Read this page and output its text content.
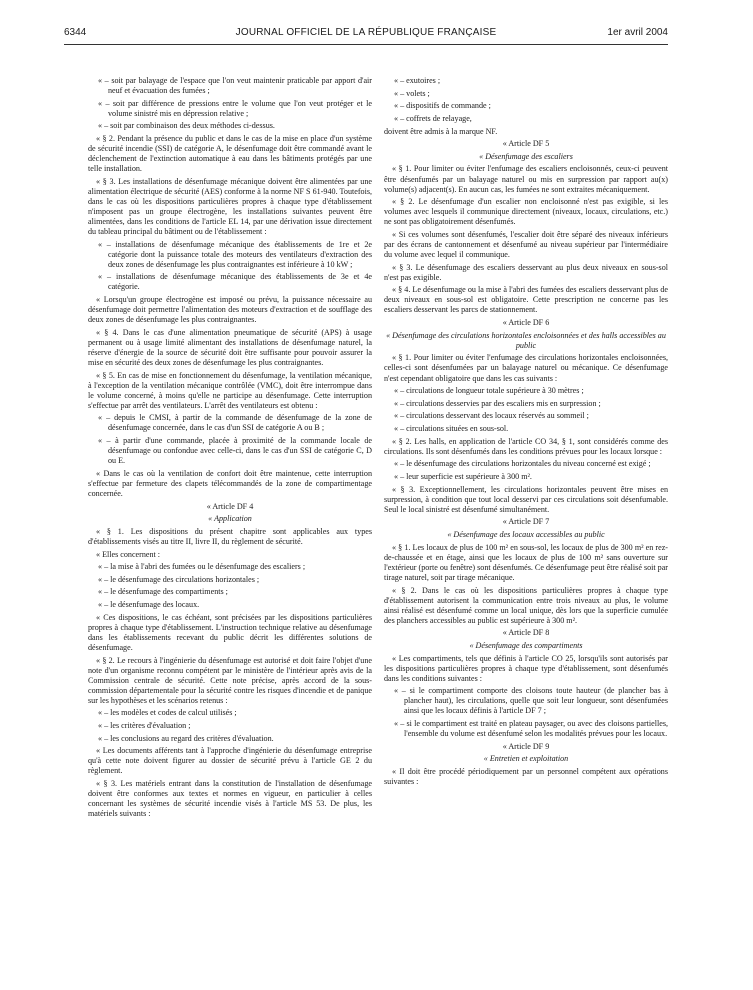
6344	JOURNAL OFFICIEL DE LA RÉPUBLIQUE FRANÇAISE	1er avril 2004

« – soit par balayage de l'espace que l'on veut maintenir praticable par apport d'air neuf et évacuation des fumées ;

« – soit par différence de pressions entre le volume que l'on veut protéger et le volume sinistré mis en dépression relative ;

« – soit par combinaison des deux méthodes ci-dessus.

« § 2. Pendant la présence du public et dans le cas de la mise en place d'un système de sécurité incendie (SSI) de catégorie A, le désenfumage doit être commandé avant le déclenchement de l'extinction automatique à eau dans les bâtiments protégés par une telle installation.

« § 3. Les installations de désenfumage mécanique doivent être alimentées par une alimentation électrique de sécurité (AES) conforme à la norme NF S 61-940. Toutefois, dans le cas où les dispositions particulières propres à chaque type d'établissement n'imposent pas un groupe électrogène, les installations suivantes peuvent être alimentées, dans les conditions de l'article EL 14, par une dérivation issue directement du tableau principal du bâtiment ou de l'établissement :

« – installations de désenfumage mécanique des établissements de 1re et 2e catégorie dont la puissance totale des moteurs des ventilateurs d'extraction des deux zones de désenfumage les plus contraignantes est inférieure à 10 kW ;

« – installations de désenfumage mécanique des établissements de 3e et 4e catégorie.

« Lorsqu'un groupe électrogène est imposé ou prévu, la puissance nécessaire au désenfumage doit permettre l'alimentation des moteurs d'extraction et de soufflage des deux zones de désenfumage les plus contraignantes.

« § 4. Dans le cas d'une alimentation pneumatique de sécurité (APS) à usage permanent ou à usage limité alimentant des installations de désenfumage naturel, la réserve d'énergie de la source de sécurité doit être suffisante pour pouvoir assurer la mise en sécurité des deux zones de désenfumage les plus contraignantes.

« § 5. En cas de mise en fonctionnement du désenfumage, la ventilation mécanique, à l'exception de la ventilation mécanique contrôlée (VMC), doit être interrompue dans le volume concerné, à moins qu'elle ne participe au désenfumage. Cette interruption s'effectue par arrêt des ventilateurs. L'arrêt des ventilateurs est obtenu :

« – depuis le CMSI, à partir de la commande de désenfumage de la zone de désenfumage concernée, dans le cas d'un SSI de catégorie A ou B ;

« – à partir d'une commande, placée à proximité de la commande locale de désenfumage ou confondue avec celle-ci, dans le cas d'un SSI de catégorie C, D ou E.

« Dans le cas où la ventilation de confort doit être maintenue, cette interruption s'effectue par fermeture des clapets télécommandés de la zone de compartimentage concernée.

« Article DF 4

« Application

« § 1. Les dispositions du présent chapitre sont applicables aux types d'établissements visés au titre II, livre II, du règlement de sécurité.

« Elles concernent :

« – la mise à l'abri des fumées ou le désenfumage des escaliers ;

« – le désenfumage des circulations horizontales ;

« – le désenfumage des compartiments ;

« – le désenfumage des locaux.

« Ces dispositions, le cas échéant, sont précisées par les dispositions particulières propres à chaque type d'établissement. L'instruction technique relative au désenfumage dans les établissements recevant du public décrit les différentes solutions de désenfumage.

« § 2. Le recours à l'ingénierie du désenfumage est autorisé et doit faire l'objet d'une note d'un organisme reconnu compétent par le ministère de l'intérieur après avis de la Commission centrale de sécurité. Cette note précise, après accord de la sous-commission départementale pour la sécurité contre les risques d'incendie et de panique sur les hypothèses et les scénarios retenus :

« – les modèles et codes de calcul utilisés ;

« – les critères d'évaluation ;

« – les conclusions au regard des critères d'évaluation.

« Les documents afférents tant à l'approche d'ingénierie du désenfumage entreprise qu'à cette note doivent figurer au dossier de sécurité prévu à l'article GE 2 du règlement.

« § 3. Les matériels entrant dans la constitution de l'installation de désenfumage doivent être conformes aux textes et normes en vigueur, en particulier à celles concernant les systèmes de sécurité incendie visés à l'article MS 53. De plus, les matériels suivants :

« – exutoires ;

« – volets ;

« – dispositifs de commande ;

« – coffrets de relayage,

doivent être admis à la marque NF.

« Article DF 5

« Désenfumage des escaliers

« § 1. Pour limiter ou éviter l'enfumage des escaliers encloisonnés, ceux-ci peuvent être désenfumés par un balayage naturel ou mis en surpression par rapport au(x) volume(s) adjacent(s). En aucun cas, les fumées ne sont extraites mécaniquement.

« § 2. Le désenfumage d'un escalier non encloisonné n'est pas exigible, si les volumes avec lesquels il communique directement (niveaux, locaux, circulations, etc.) ne sont pas obligatoirement désenfumés.

« Si ces volumes sont désenfumés, l'escalier doit être séparé des niveaux inférieurs par des écrans de cantonnement et désenfumé au niveau supérieur par l'intermédiaire du volume avec lequel il communique.

« § 3. Le désenfumage des escaliers desservant au plus deux niveaux en sous-sol n'est pas exigible.

« § 4. Le désenfumage ou la mise à l'abri des fumées des escaliers desservant plus de deux niveaux en sous-sol est obligatoire. Cette prescription ne concerne pas les escaliers desservant les parcs de stationnement.

« Article DF 6

« Désenfumage des circulations horizontales encloisonnées et des halls accessibles au public

« § 1. Pour limiter ou éviter l'enfumage des circulations horizontales encloisonnées, celles-ci sont désenfumées par un balayage naturel ou mécanique. Ce désenfumage n'est cependant obligatoire que dans les cas suivants :

« – circulations de longueur totale supérieure à 30 mètres ;

« – circulations desservies par des escaliers mis en surpression ;

« – circulations desservant des locaux réservés au sommeil ;

« – circulations situées en sous-sol.

« § 2. Les halls, en application de l'article CO 34, § 1, sont considérés comme des circulations. Ils sont désenfumés dans les conditions prévues pour les locaux lorsque :

« – le désenfumage des circulations horizontales du niveau concerné est exigé ;

« – leur superficie est supérieure à 300 m².

« § 3. Exceptionnellement, les circulations horizontales peuvent être mises en surpression, à condition que tout local desservi par ces circulations soit désenfumable. Seul le local sinistré est désenfumé simultanément.

« Article DF 7

« Désenfumage des locaux accessibles au public

« § 1. Les locaux de plus de 100 m² en sous-sol, les locaux de plus de 300 m² en rez-de-chaussée et en étage, ainsi que les locaux de plus de 100 m² sans ouverture sur l'extérieur (porte ou fenêtre) sont désenfumés. Ce désenfumage peut être réalisé soit par tirage naturel, soit par tirage mécanique.

« § 2. Dans le cas où les dispositions particulières propres à chaque type d'établissement autorisent la communication entre trois niveaux au plus, le volume ainsi réalisé est désenfumé comme un local unique, dès lors que la superficie cumulée des planchers accessibles au public est supérieure à 300 m².

« Article DF 8

« Désenfumage des compartiments

« Les compartiments, tels que définis à l'article CO 25, lorsqu'ils sont autorisés par les dispositions particulières propres à chaque type d'établissement, sont désenfumés dans les conditions suivantes :

« – si le compartiment comporte des cloisons toute hauteur (de plancher bas à plancher haut), les circulations, quelle que soit leur longueur, sont désenfumées ainsi que les locaux définis à l'article DF 7 ;

« – si le compartiment est traité en plateau paysager, ou avec des cloisons partielles, l'ensemble du volume est désenfumé selon les modalités prévues pour les locaux.

« Article DF 9

« Entretien et exploitation

« Il doit être procédé périodiquement par un personnel compétent aux opérations suivantes :
